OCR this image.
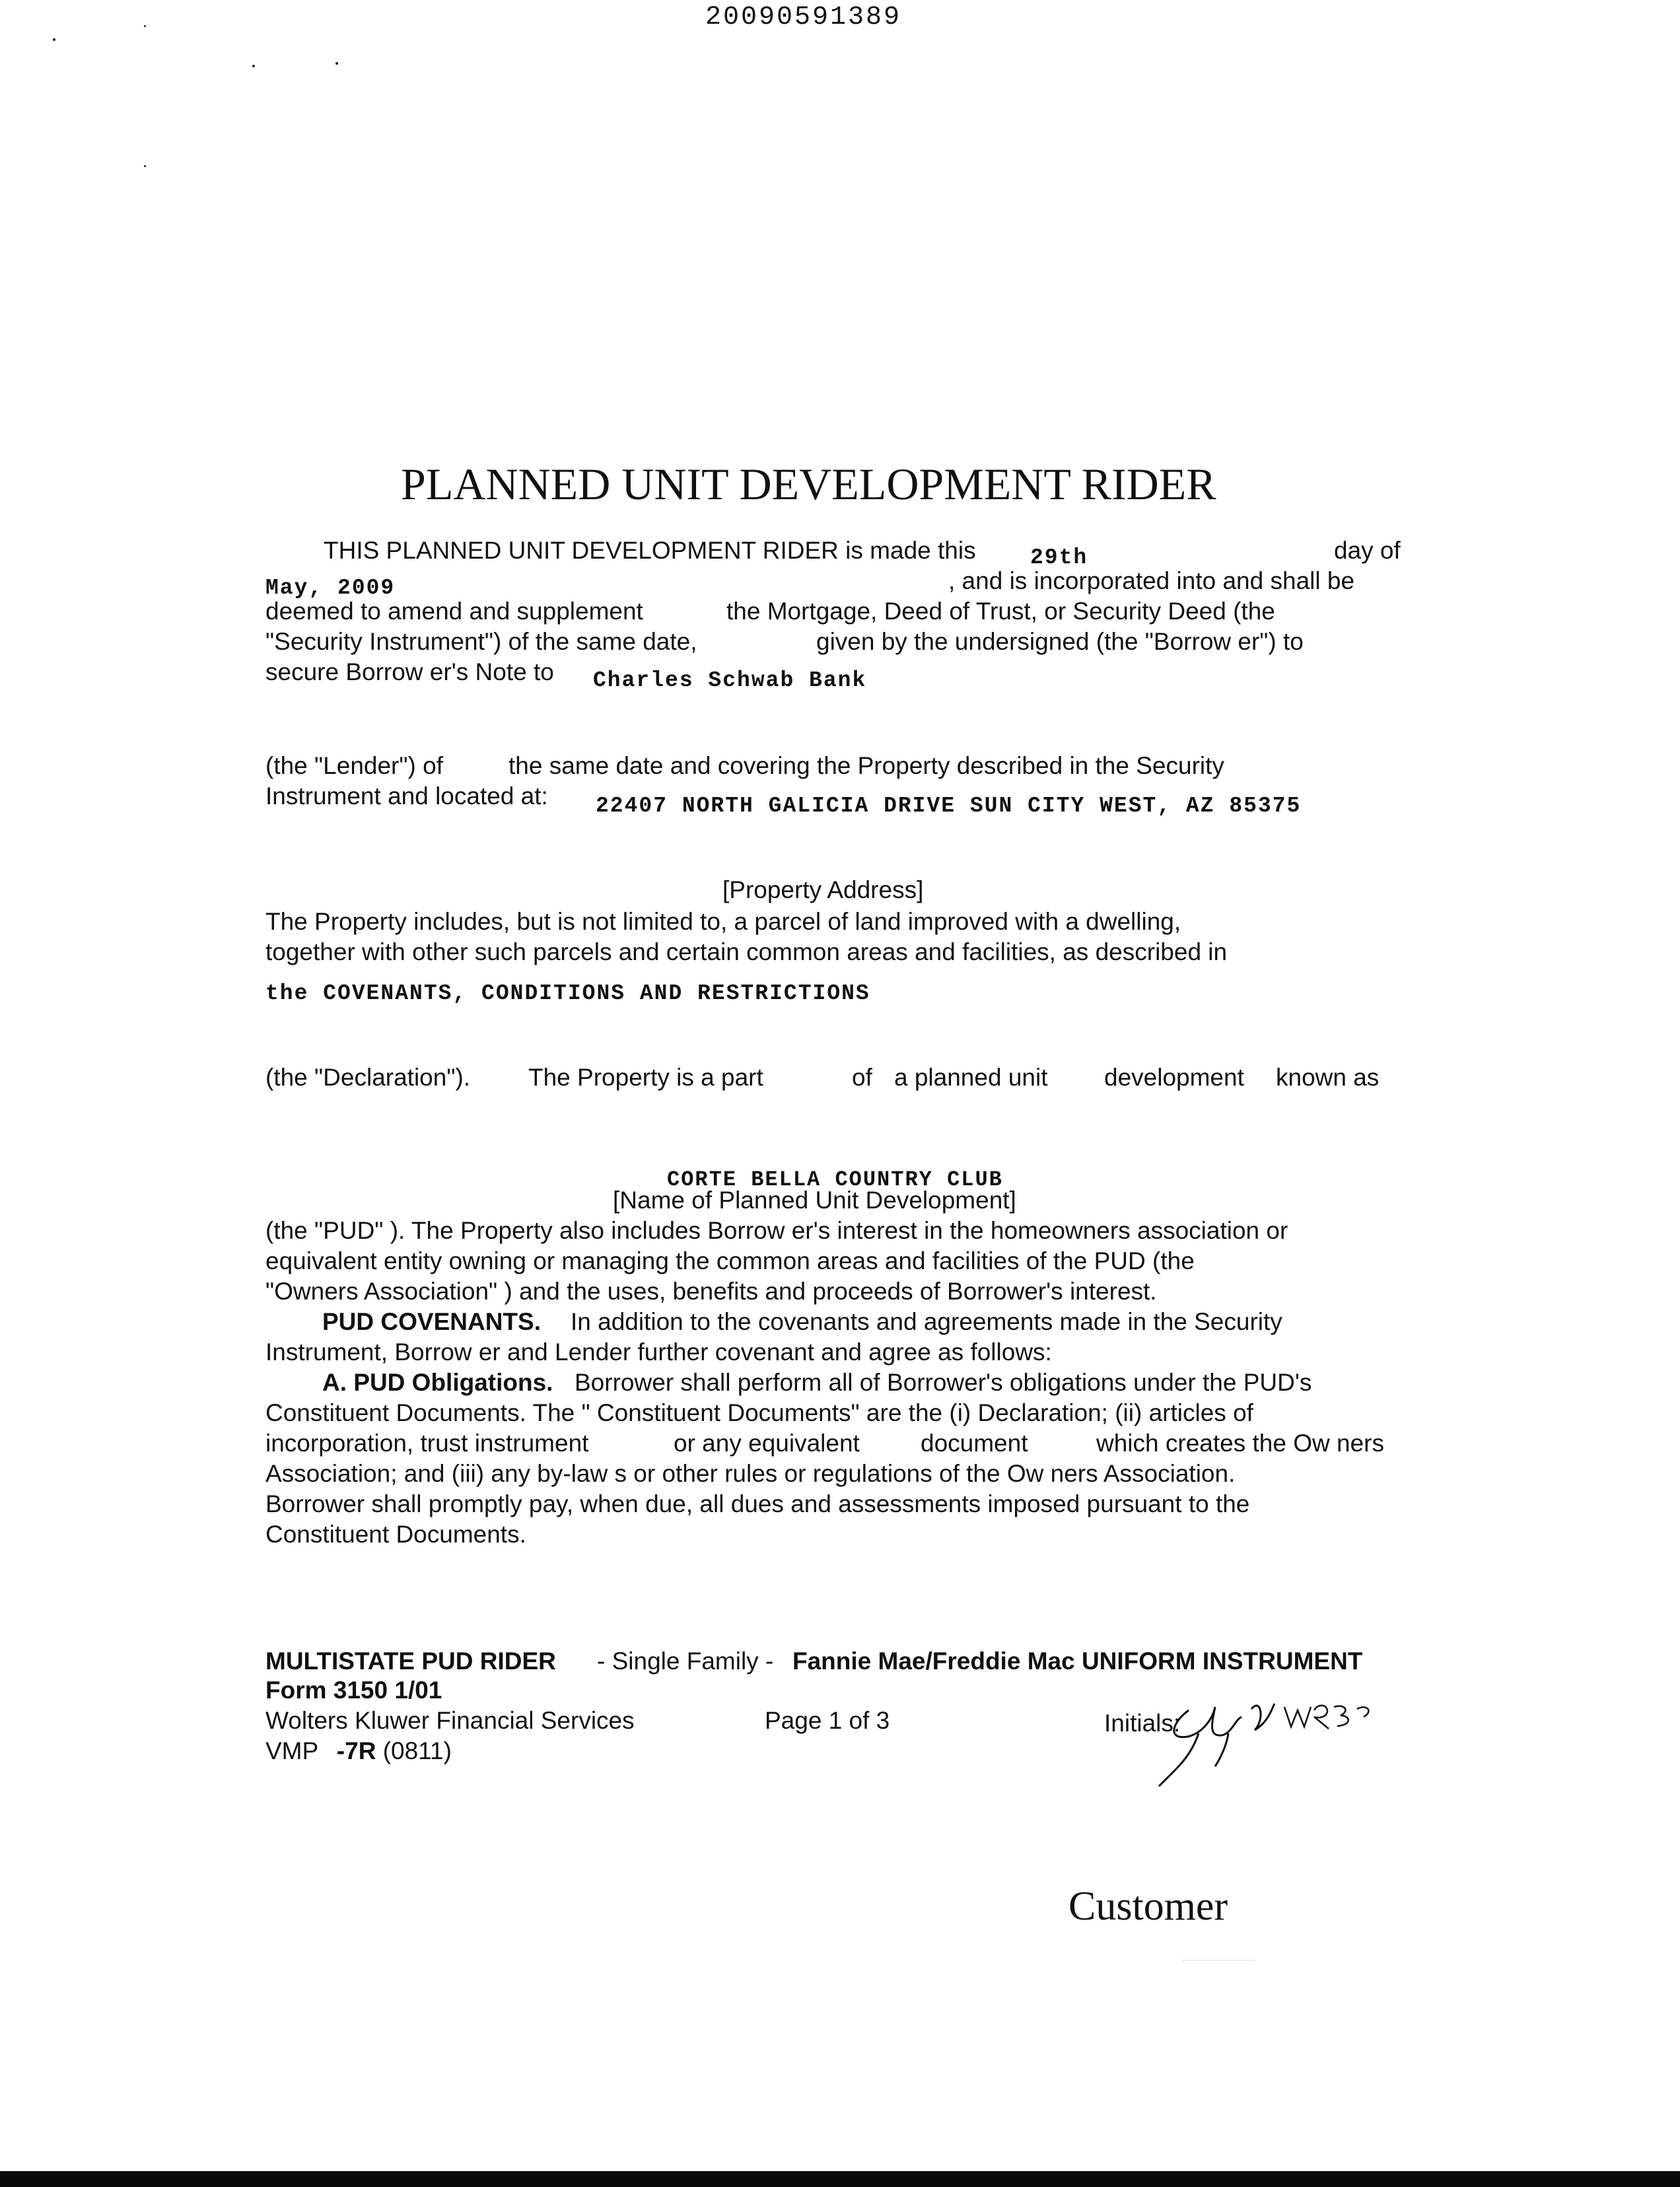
20090591389
PLANNED UNIT DEVELOPMENT RIDER
THIS PLANNED UNIT DEVELOPMENT RIDER is made this 29th	day of
May, 2009	, and is incorporated into and shall be
deemed to amend and supplement	the Mortgage, Deed of Trust, or Security Deed (the
"Security Instrument") of the same date,	given by the undersigned (the "Borrow er") to
secure Borrow er's Note to Charles Schwab Bank
(the "Lender") of	the same date and covering the Property described in the Security
Instrument and located at: 22407 NORTH GALICIA DRIVE SUN CITY WEST, AZ 85375
[Property Address]
The Property includes, but is not limited to, a parcel of land improved with a dwelling,
together with other such parcels and certain common areas and facilities, as described in
the COVENANTS, CONDITIONS AND RESTRICTIONS
(the "Declaration"). The Property is a part	of a planned unit development known as
CORTE BELLA COUNTRY CLUB
[Name of Planned Unit Development]
(the "PUD" ). The Property also includes Borrow er's interest in the homeowners association or
equivalent entity owning or managing the common areas and facilities of the PUD (the
"Owners Association" ) and the uses, benefits and proceeds of Borrower's interest.
PUD COVENANTS. In addition to the covenants and agreements made in the Security
Instrument, Borrow er and Lender further covenant and agree as follows:
A. PUD Obligations. Borrower shall perform all of Borrower's obligations under the PUD's
Constituent Documents. The " Constituent Documents" are the (i) Declaration; (ii) articles of
incorporation, trust instrument	or any equivalent document	which creates the Ow ners
Association; and (iii) any by-law s or other rules or regulations of the Ow ners Association.
Borrower shall promptly pay, when due, all dues and assessments imposed pursuant to the
Constituent Documents.
MULTISTATE PUD RIDER - Single Family - Fannie Mae/Freddie Mac UNIFORM INSTRUMENT
Form 3150 1/01
Wolters Kluwer Financial Services	Page 1 of 3	Initials:
VMP -7R (0811)
Customer
